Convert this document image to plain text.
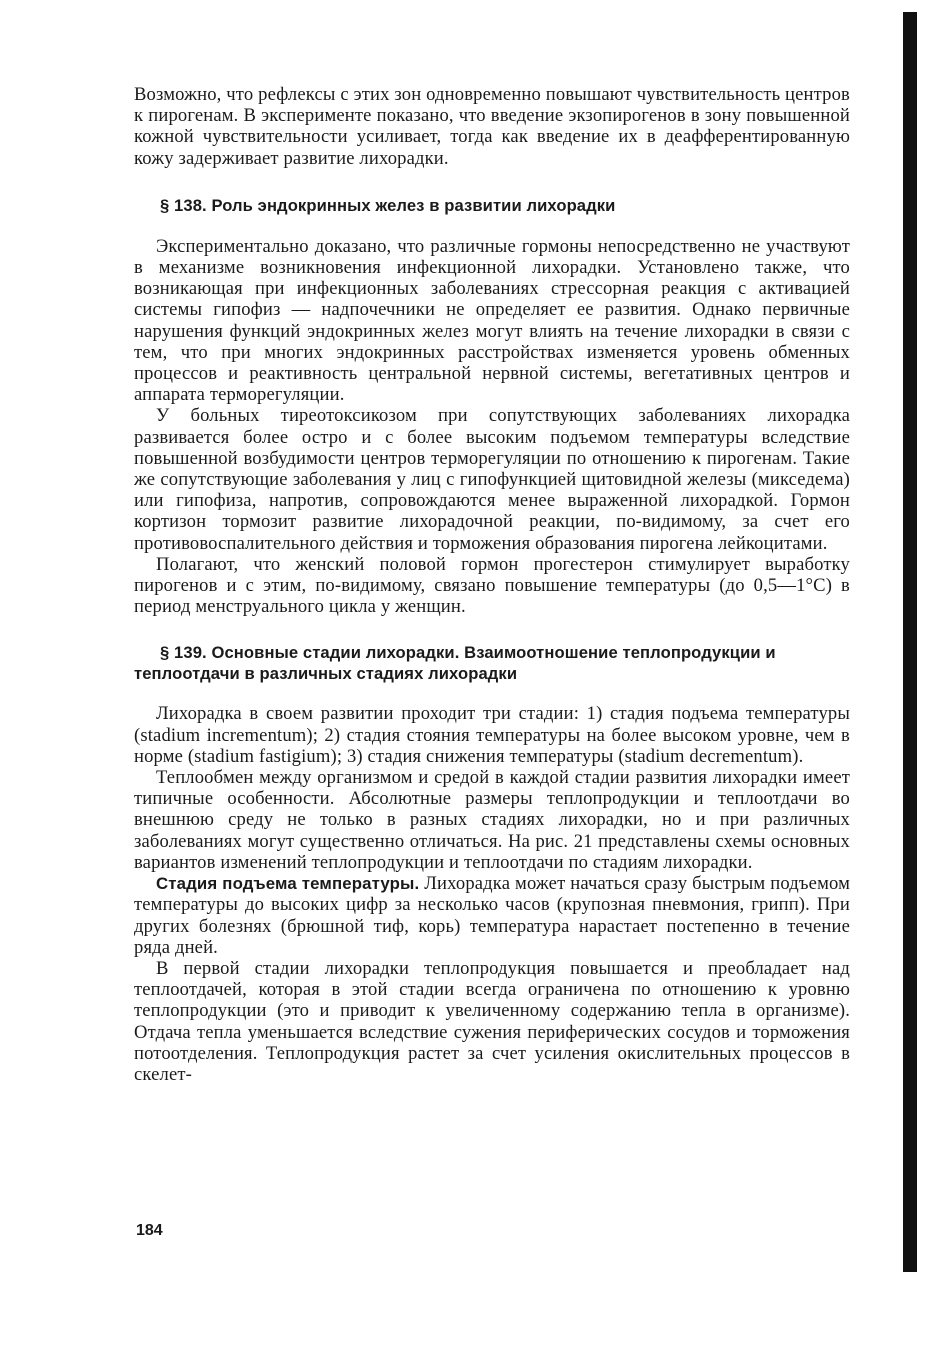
Возможно, что рефлексы с этих зон одновременно повышают чувствительность центров к пирогенам. В эксперименте показано, что введение экзопирогенов в зону повышенной кожной чувствительности усиливает, тогда как введение их в деафферентированную кожу задерживает развитие лихорадки.

§ 138. Роль эндокринных желез в развитии лихорадки

Экспериментально доказано, что различные гормоны непосредственно не участвуют в механизме возникновения инфекционной лихорадки. Установлено также, что возникающая при инфекционных заболеваниях стрессорная реакция с активацией системы гипофиз — надпочечники не определяет ее развития. Однако первичные нарушения функций эндокринных желез могут влиять на течение лихорадки в связи с тем, что при многих эндокринных расстройствах изменяется уровень обменных процессов и реактивность центральной нервной системы, вегетативных центров и аппарата терморегуляции.

У больных тиреотоксикозом при сопутствующих заболеваниях лихорадка развивается более остро и с более высоким подъемом температуры вследствие повышенной возбудимости центров терморегуляции по отношению к пирогенам. Такие же сопутствующие заболевания у лиц с гипофункцией щитовидной железы (микседема) или гипофиза, напротив, сопровождаются менее выраженной лихорадкой. Гормон кортизон тормозит развитие лихорадочной реакции, по-видимому, за счет его противовоспалительного действия и торможения образования пирогена лейкоцитами.

Полагают, что женский половой гормон прогестерон стимулирует выработку пирогенов и с этим, по-видимому, связано повышение температуры (до 0,5—1°С) в период менструального цикла у женщин.

§ 139. Основные стадии лихорадки. Взаимоотношение теплопродукции и теплоотдачи в различных стадиях лихорадки

Лихорадка в своем развитии проходит три стадии: 1) стадия подъема температуры (stadium incrementum); 2) стадия стояния температуры на более высоком уровне, чем в норме (stadium fastigium); 3) стадия снижения температуры (stadium decrementum).

Теплообмен между организмом и средой в каждой стадии развития лихорадки имеет типичные особенности. Абсолютные размеры теплопродукции и теплоотдачи во внешнюю среду не только в разных стадиях лихорадки, но и при различных заболеваниях могут существенно отличаться. На рис. 21 представлены схемы основных вариантов изменений теплопродукции и теплоотдачи по стадиям лихорадки.

Стадия подъема температуры. Лихорадка может начаться сразу быстрым подъемом температуры до высоких цифр за несколько часов (крупозная пневмония, грипп). При других болезнях (брюшной тиф, корь) температура нарастает постепенно в течение ряда дней.

В первой стадии лихорадки теплопродукция повышается и преобладает над теплоотдачей, которая в этой стадии всегда ограничена по отношению к уровню теплопродукции (это и приводит к увеличенному содержанию тепла в организме). Отдача тепла уменьшается вследствие сужения периферических сосудов и торможения потоотделения. Теплопродукция растет за счет усиления окислительных процессов в скелет-

184
